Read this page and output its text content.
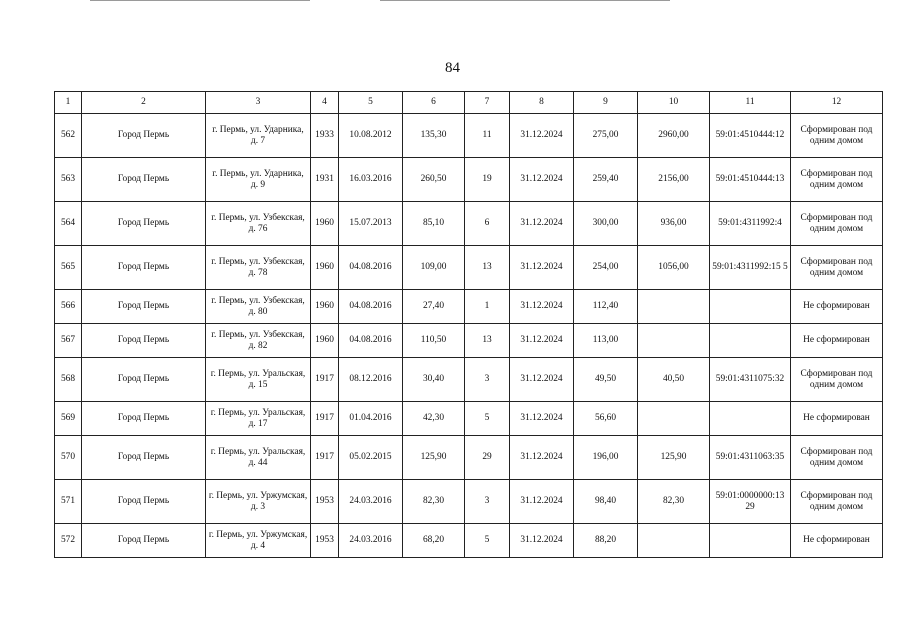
84
1	2	3	4	5	6	7	8	9	10	11	12
562	Город Пермь	г. Пермь, ул. Ударника, д. 7	1933	10.08.2012	135,30	11	31.12.2024	275,00	2960,00	59:01:4510444:12	Сформирован под одним домом
563	Город Пермь	г. Пермь, ул. Ударника, д. 9	1931	16.03.2016	260,50	19	31.12.2024	259,40	2156,00	59:01:4510444:13	Сформирован под одним домом
564	Город Пермь	г. Пермь, ул. Узбекская, д. 76	1960	15.07.2013	85,10	6	31.12.2024	300,00	936,00	59:01:4311992:4	Сформирован под одним домом
565	Город Пермь	г. Пермь, ул. Узбекская, д. 78	1960	04.08.2016	109,00	13	31.12.2024	254,00	1056,00	59:01:4311992:15 5	Сформирован под одним домом
566	Город Пермь	г. Пермь, ул. Узбекская, д. 80	1960	04.08.2016	27,40	1	31.12.2024	112,40			Не сформирован
567	Город Пермь	г. Пермь, ул. Узбекская, д. 82	1960	04.08.2016	110,50	13	31.12.2024	113,00			Не сформирован
568	Город Пермь	г. Пермь, ул. Уральская, д. 15	1917	08.12.2016	30,40	3	31.12.2024	49,50	40,50	59:01:4311075:32	Сформирован под одним домом
569	Город Пермь	г. Пермь, ул. Уральская, д. 17	1917	01.04.2016	42,30	5	31.12.2024	56,60			Не сформирован
570	Город Пермь	г. Пермь, ул. Уральская, д. 44	1917	05.02.2015	125,90	29	31.12.2024	196,00	125,90	59:01:4311063:35	Сформирован под одним домом
571	Город Пермь	г. Пермь, ул. Уржумская, д. 3	1953	24.03.2016	82,30	3	31.12.2024	98,40	82,30	59:01:0000000:13 29	Сформирован под одним домом
572	Город Пермь	г. Пермь, ул. Уржумская, д. 4	1953	24.03.2016	68,20	5	31.12.2024	88,20			Не сформирован
